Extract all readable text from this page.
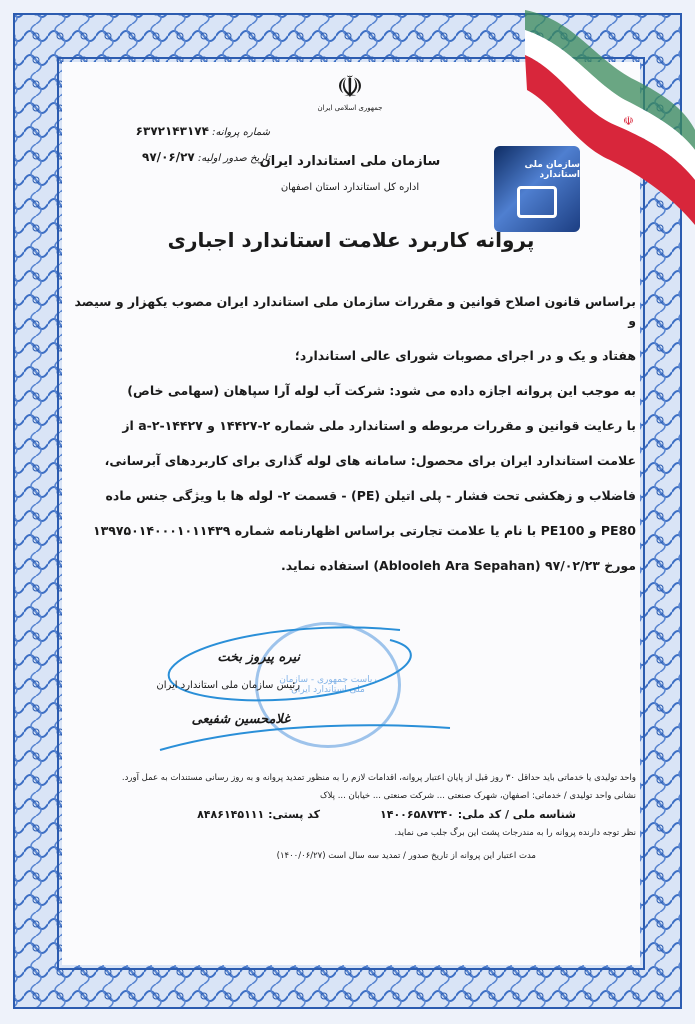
☫
☫
جمهوری اسلامی ایران
شماره پروانه: ۶۳۷۲۱۴۳۱۷۴
تاریخ صدور اولیه: ۹۷/۰۶/۲۷	سازمان ملی استاندارد ایران
اداره کل استاندارد استان اصفهان
سازمان ملی استاندارد
پروانه کاربرد علامت استاندارد اجباری
براساس قانون اصلاح قوانین و مقررات سازمان ملی استاندارد ایران مصوب یکهزار و سیصد و
هفتاد و یک و در اجرای مصوبات شورای عالی استاندارد؛
به موجب این پروانه اجازه داده می شود: شرکت آب لوله آرا سپاهان (سهامی خاص)
با رعایت قوانین و مقررات مربوطه و استاندارد ملی شماره ۲-۱۴۴۲۷ و a-۲-۱۴۴۲۷ از
علامت استاندارد ایران برای محصول: سامانه های لوله گذاری برای کاربردهای آبرسانی،
فاضلاب و زهکشی تحت فشار - پلی اتیلن (PE) - قسمت ۲- لوله ها با ویژگی جنس ماده
PE80 و PE100 با نام یا علامت تجارتی براساس اظهارنامه شماره ۱۳۹۷۵۰۱۴۰۰۰۱۰۱۱۴۳۹
مورخ ۹۷/۰۲/۲۳ (Ablooleh Ara Sepahan) استفاده نماید.
ریاست جمهوری - سازمان ملی استاندارد ایران
نیره پیروز بخت
رئیس سازمان ملی استاندارد ایران
غلامحسین شفیعی
واحد تولیدی یا خدماتی باید حداقل ۳۰ روز قبل از پایان اعتبار پروانه، اقدامات لازم را به منظور تمدید پروانه و به روز رسانی مستندات به عمل آورد.
نشانی واحد تولیدی / خدماتی: اصفهان، شهرک صنعتی ... شرکت صنعتی ... خیابان ... پلاک
شناسه ملی / کد ملی: ۱۴۰۰۶۵۸۷۳۴۰
کد پستی: ۸۴۸۶۱۴۵۱۱۱
نظر توجه دارنده پروانه را به مندرجات پشت این برگ جلب می نماید.
مدت اعتبار این پروانه از تاریخ صدور / تمدید سه سال است (۱۴۰۰/۰۶/۲۷)
